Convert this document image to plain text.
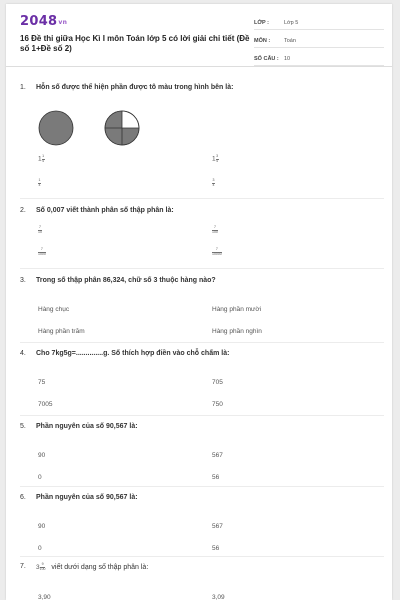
2048vn
16 Đề thi giữa Học Kì I môn Toán lớp 5 có lời giải chi tiết (Đề số 1+Đề số 2)
LỚP :	Lớp 5
MÔN :	Toán
SỐ CÂU : 10
1.	Hỗn số được thể hiện phần được tô màu trong hình bên là:
$1 \frac{1}{4}$	$1 \frac{3}{4}$
$\frac{1}{4}$	$\frac{3}{4}$
2.	Số 0,007 viết thành phân số thập phân là:
$\frac{7}{10}$	$\frac{7}{100}$
$\frac{7}{1000}$	$\frac{7}{10000}$
3.	Trong số thập phân 86,324, chữ số 3 thuộc hàng nào?
Hàng chục	Hàng phần mười
Hàng phần trăm	Hàng phần nghìn
4.	Cho 7kg5g=..............g. Số thích hợp điền vào chỗ chấm là:
75	705
7005	750
5.	Phần nguyên của số 90,567 là:
90	567
0	56
6.	Phần nguyên của số 90,567 là:
90	567
0	56
7.	$3 \frac{9}{100}$ viết dưới dạng số thập phân là:
3,90	3,09
